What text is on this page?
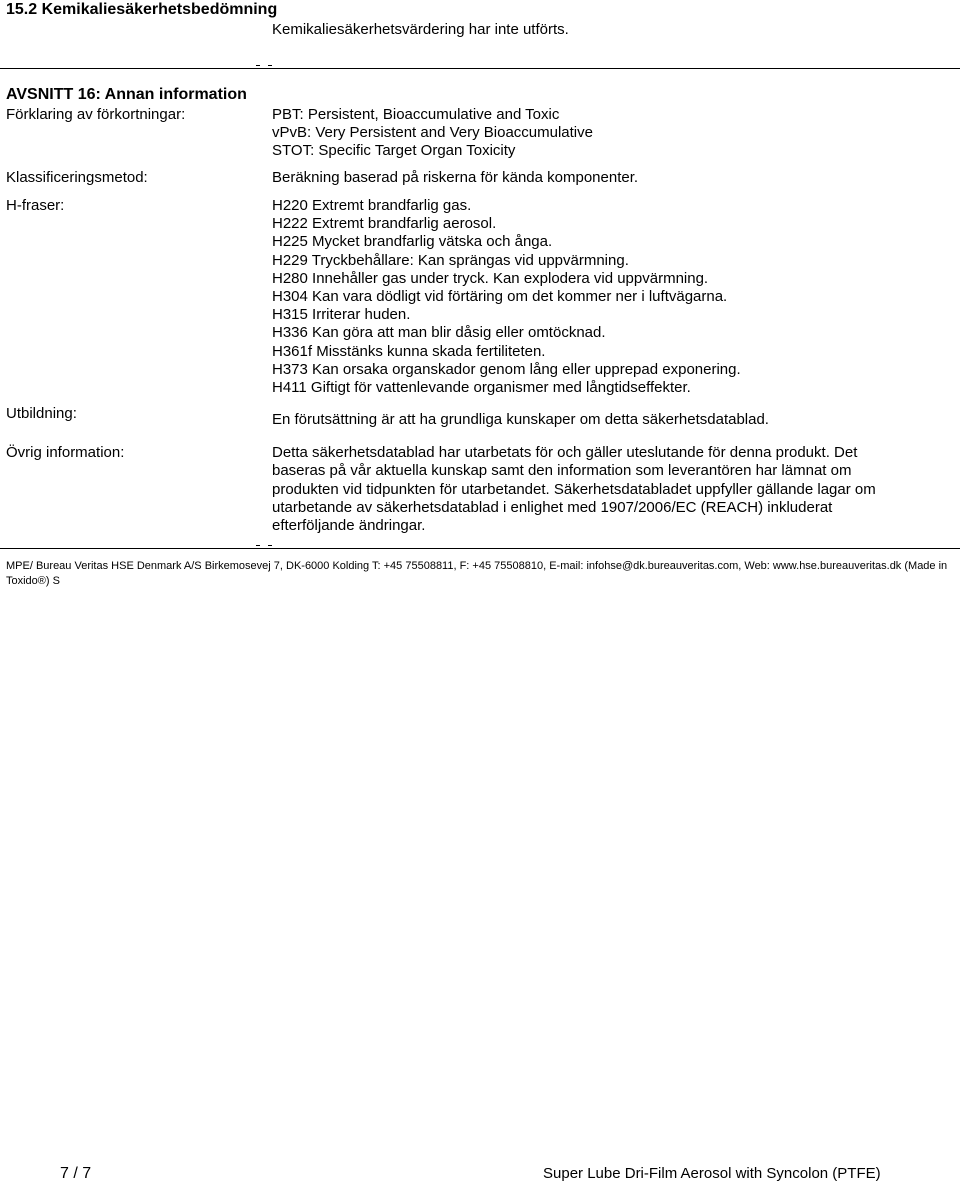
15.2 Kemikaliesäkerhetsbedömning
Kemikaliesäkerhetsvärdering har inte utförts.
AVSNITT 16: Annan information
Förklaring av förkortningar:	PBT: Persistent, Bioaccumulative and Toxic
vPvB: Very Persistent and Very Bioaccumulative
STOT: Specific Target Organ Toxicity
Klassificeringsmetod:	Beräkning baserad på riskerna för kända komponenter.
H-fraser:	H220 Extremt brandfarlig gas.
H222 Extremt brandfarlig aerosol.
H225 Mycket brandfarlig vätska och ånga.
H229 Tryckbehållare: Kan sprängas vid uppvärmning.
H280 Innehåller gas under tryck. Kan explodera vid uppvärmning.
H304 Kan vara dödligt vid förtäring om det kommer ner i luftvägarna.
H315 Irriterar huden.
H336 Kan göra att man blir dåsig eller omtöcknad.
H361f Misstänks kunna skada fertiliteten.
H373 Kan orsaka organskador genom lång eller upprepad exponering.
H411 Giftigt för vattenlevande organismer med långtidseffekter.
Utbildning:	En förutsättning är att ha grundliga kunskaper om detta säkerhetsdatablad.
Övrig information:	Detta säkerhetsdatablad har utarbetats för och gäller uteslutande för denna produkt. Det
baseras på vår aktuella kunskap samt den information som leverantören har lämnat om
produkten vid tidpunkten för utarbetandet. Säkerhetsdatabladet uppfyller gällande lagar om
utarbetande av säkerhetsdatablad i enlighet med 1907/2006/EC (REACH) inkluderat
efterföljande ändringar.
MPE/ Bureau Veritas HSE Denmark A/S Birkemosevej 7, DK-6000 Kolding T: +45 75508811, F: +45 75508810, E-mail: infohse@dk.bureauveritas.com, Web: www.hse.bureauveritas.dk (Made in
Toxido®) S
7 / 7	Super Lube Dri-Film Aerosol with Syncolon (PTFE)
